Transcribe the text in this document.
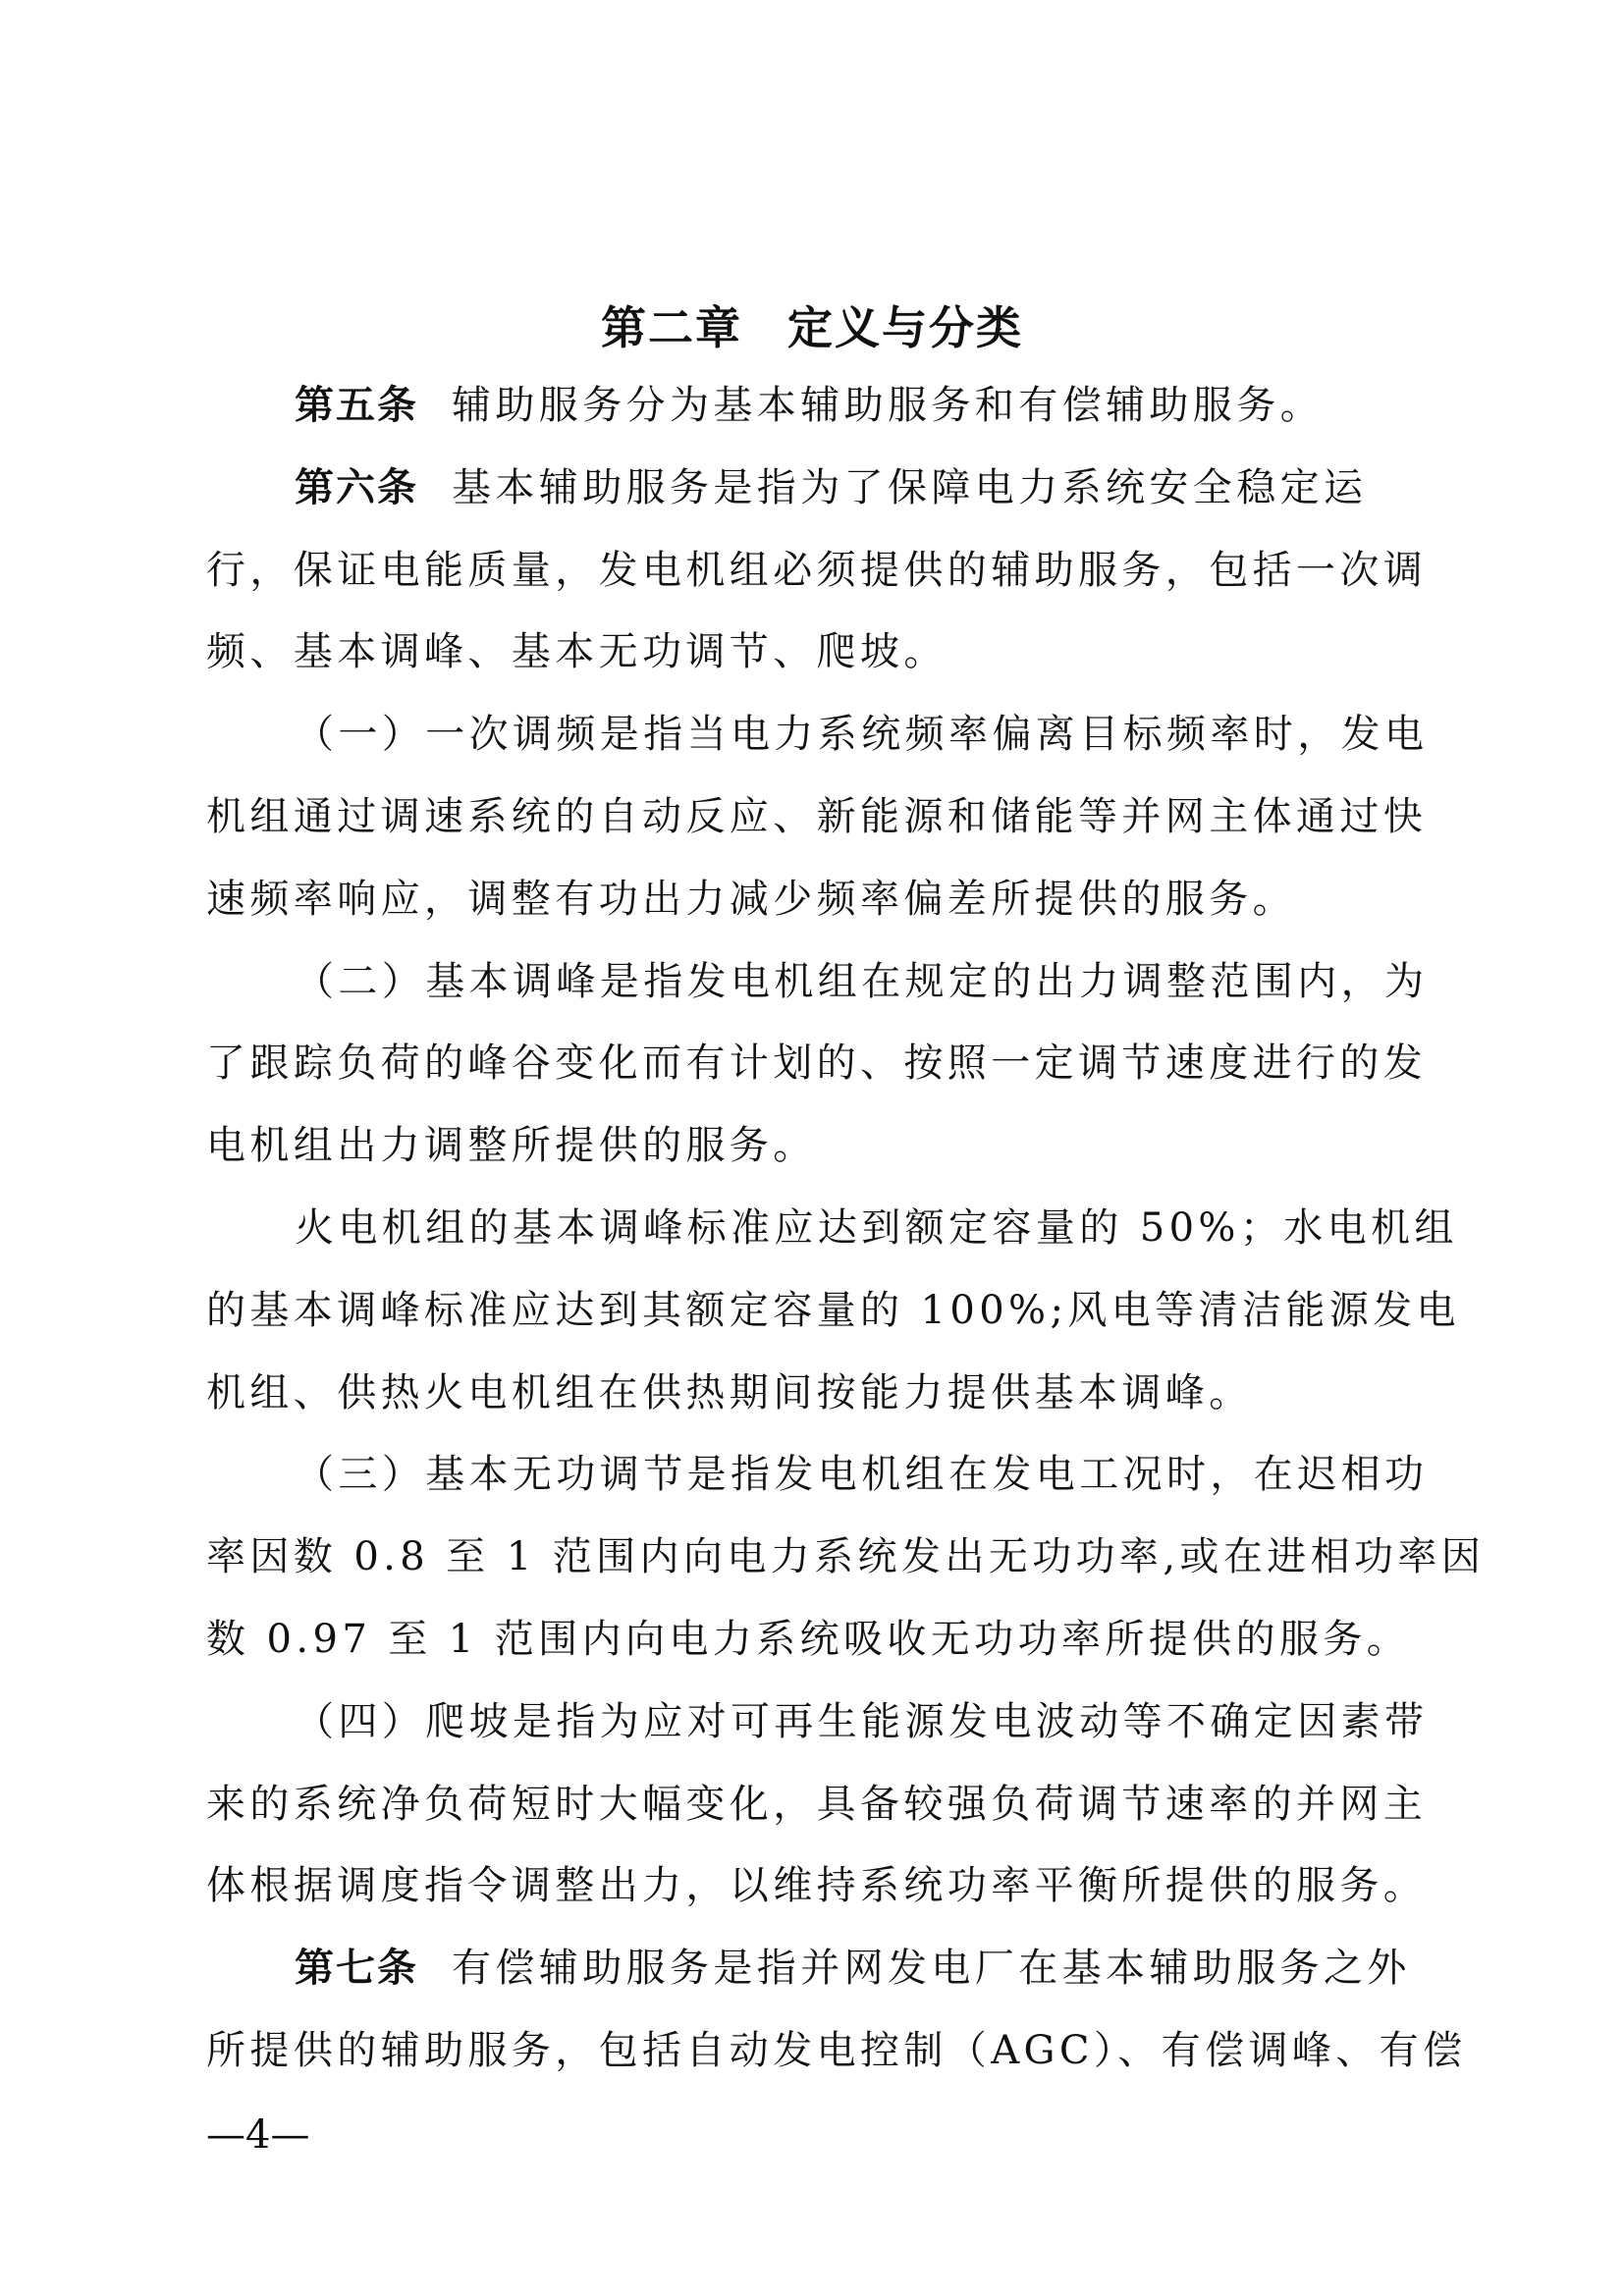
第二章 定义与分类
第五条 辅助服务分为基本辅助服务和有偿辅助服务。
第六条 基本辅助服务是指为了保障电力系统安全稳定运
行，保证电能质量，发电机组必须提供的辅助服务，包括一次调
频、基本调峰、基本无功调节、爬坡。
（一）一次调频是指当电力系统频率偏离目标频率时，发电
机组通过调速系统的自动反应、新能源和储能等并网主体通过快
速频率响应，调整有功出力减少频率偏差所提供的服务。
（二）基本调峰是指发电机组在规定的出力调整范围内，为
了跟踪负荷的峰谷变化而有计划的、按照一定调节速度进行的发
电机组出力调整所提供的服务。
火电机组的基本调峰标准应达到额定容量的 50%；水电机组
的基本调峰标准应达到其额定容量的 100%;风电等清洁能源发电
机组、供热火电机组在供热期间按能力提供基本调峰。
（三）基本无功调节是指发电机组在发电工况时，在迟相功
率因数 0.8 至 1 范围内向电力系统发出无功功率,或在进相功率因
数 0.97 至 1 范围内向电力系统吸收无功功率所提供的服务。
（四）爬坡是指为应对可再生能源发电波动等不确定因素带
来的系统净负荷短时大幅变化，具备较强负荷调节速率的并网主
体根据调度指令调整出力，以维持系统功率平衡所提供的服务。
第七条 有偿辅助服务是指并网发电厂在基本辅助服务之外
所提供的辅助服务，包括自动发电控制（AGC）、有偿调峰、有偿
—4—
